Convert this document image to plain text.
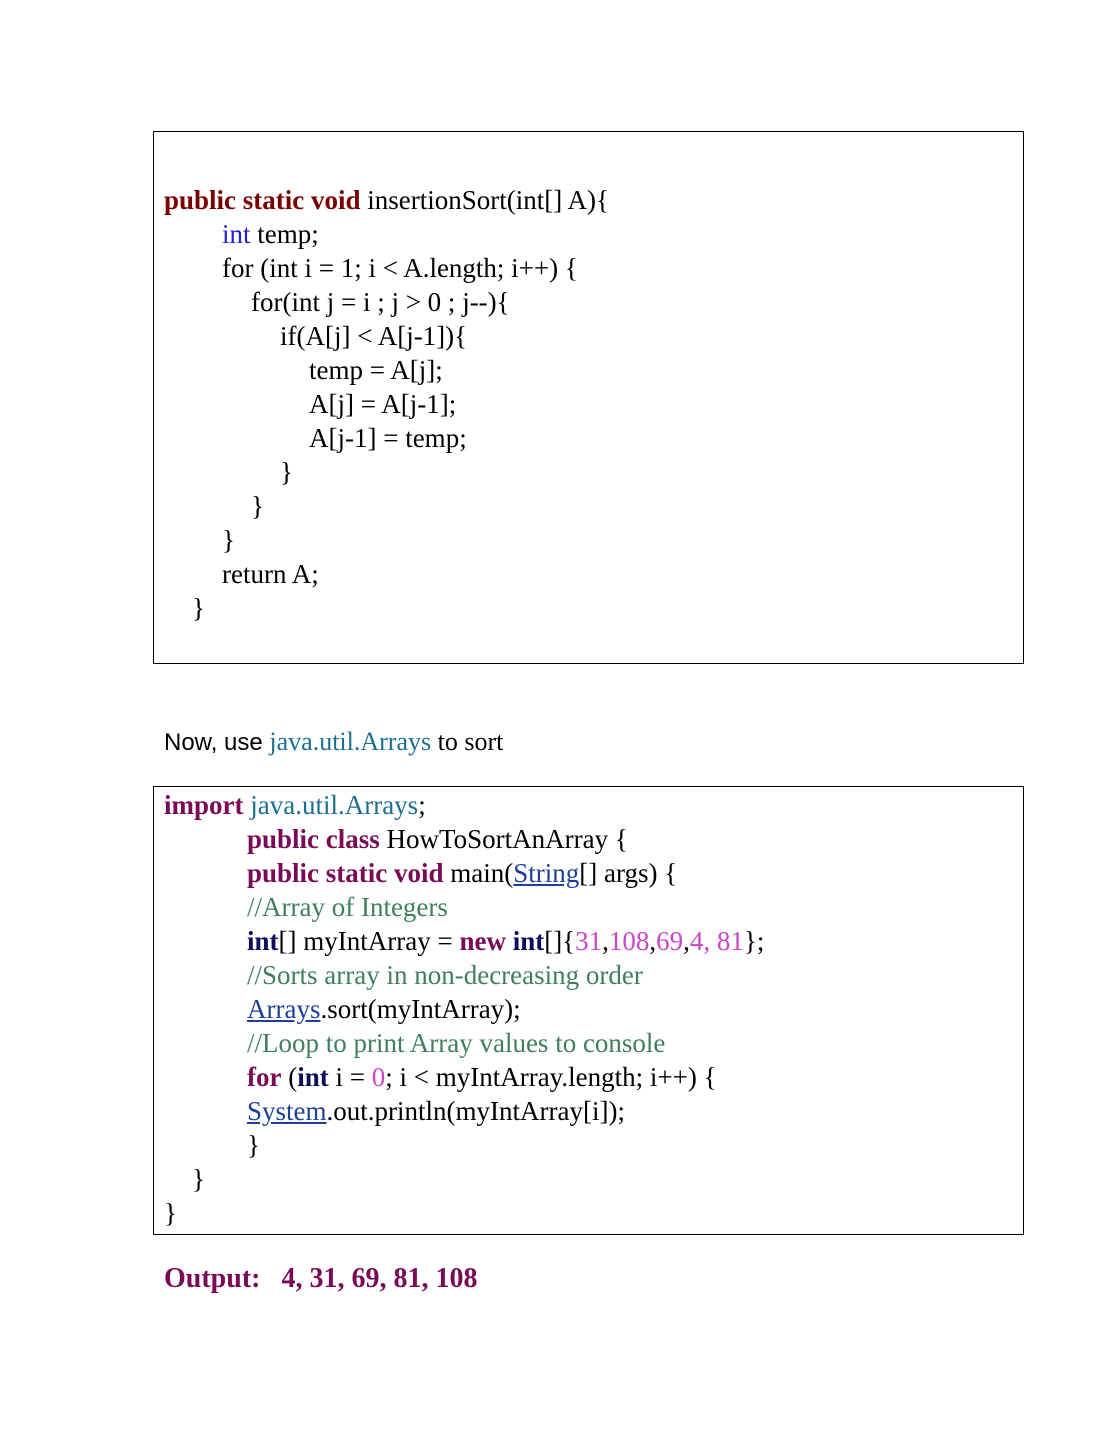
public static void insertionSort(int[] A){
int temp;
for (int i = 1; i < A.length; i++) {
for(int j = i ; j > 0 ; j--){
if(A[j] < A[j-1]){
temp = A[j];
A[j] = A[j-1];
A[j-1] = temp;
}
}
}
return A;
}
Now, use java.util.Arrays to sort
import java.util.Arrays;
public class HowToSortAnArray {
public static void main(String[] args) {
//Array of Integers
int[] myIntArray = new int[]{31,108,69,4, 81};
//Sorts array in non-decreasing order
Arrays.sort(myIntArray);
//Loop to print Array values to console
for (int i = 0; i < myIntArray.length; i++) {
System.out.println(myIntArray[i]);
}
}
}
Output: 4, 31, 69, 81, 108
